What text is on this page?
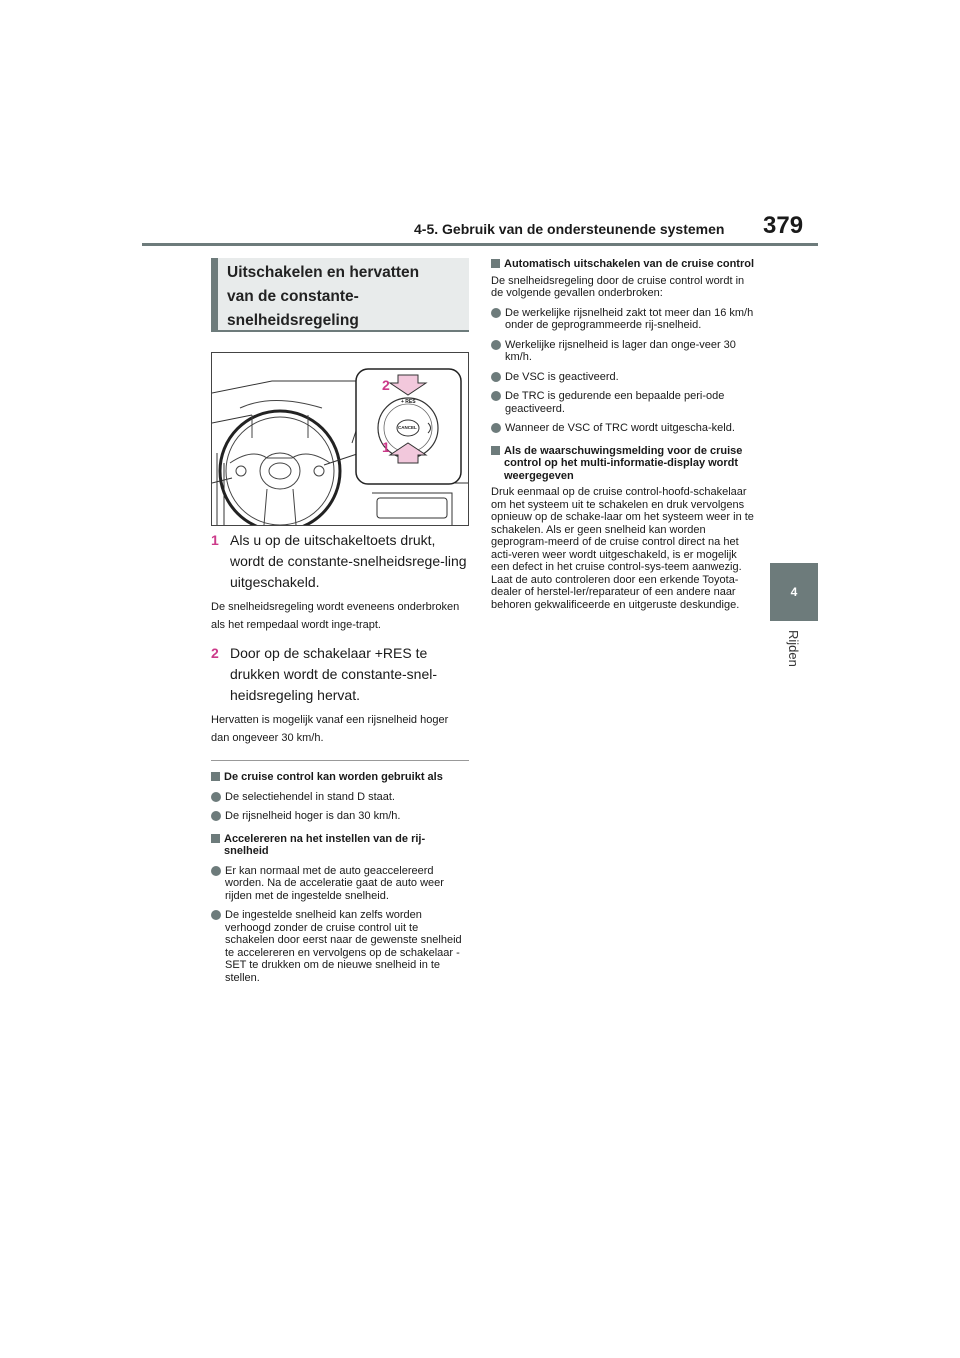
4-5. Gebruik van de ondersteunende systemen 379
4
Rijden
Uitschakelen en hervatten
van de constante-
snelheidsregeling
+ RES
CANCEL
2
1
1 Als u op de uitschakeltoets drukt, wordt de constante-snelheidsrege-ling uitgeschakeld.
De snelheidsregeling wordt eveneens onderbroken als het rempedaal wordt inge-trapt.
2 Door op de schakelaar +RES te drukken wordt de constante-snel-heidsregeling hervat.
Hervatten is mogelijk vanaf een rijsnelheid hoger dan ongeveer 30 km/h.
De cruise control kan worden gebruikt als
De selectiehendel in stand D staat.
De rijsnelheid hoger is dan 30 km/h.
Accelereren na het instellen van de rij-snelheid
Er kan normaal met de auto geaccelereerd worden. Na de acceleratie gaat de auto weer rijden met de ingestelde snelheid.
De ingestelde snelheid kan zelfs worden verhoogd zonder de cruise control uit te schakelen door eerst naar de gewenste snelheid te accelereren en vervolgens op de schakelaar -SET te drukken om de nieuwe snelheid in te stellen.
Automatisch uitschakelen van de cruise control
De snelheidsregeling door de cruise control wordt in de volgende gevallen onderbroken:
De werkelijke rijsnelheid zakt tot meer dan 16 km/h onder de geprogrammeerde rij-snelheid.
Werkelijke rijsnelheid is lager dan onge-veer 30 km/h.
De VSC is geactiveerd.
De TRC is gedurende een bepaalde peri-ode geactiveerd.
Wanneer de VSC of TRC wordt uitgescha-keld.
Als de waarschuwingsmelding voor de cruise control op het multi-informatie-display wordt weergegeven
Druk eenmaal op de cruise control-hoofd-schakelaar om het systeem uit te schakelen en druk vervolgens opnieuw op de schake-laar om het systeem weer in te schakelen. Als er geen snelheid kan worden geprogram-meerd of de cruise control direct na het acti-veren weer wordt uitgeschakeld, is er mogelijk een defect in het cruise control-sys-teem aanwezig. Laat de auto controleren door een erkende Toyota-dealer of herstel-ler/reparateur of een andere naar behoren gekwalificeerde en uitgeruste deskundige.
